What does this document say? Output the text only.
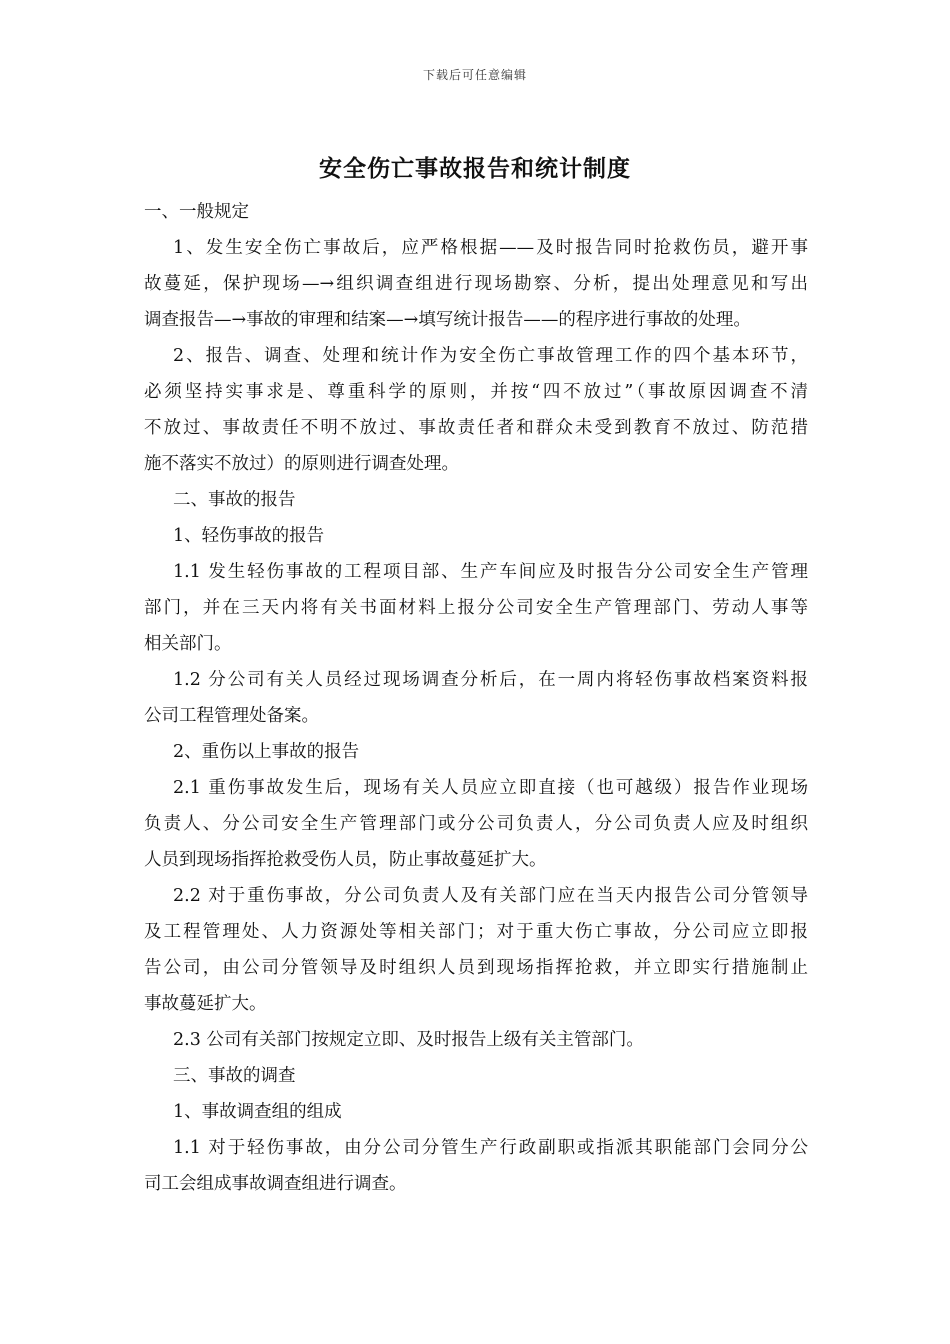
下载后可任意编辑
安全伤亡事故报告和统计制度
一、一般规定
1、发生安全伤亡事故后，应严格根据——及时报告同时抢救伤员，避开事
故蔓延，保护现场—→组织调查组进行现场勘察、分析，提出处理意见和写出
调查报告—→事故的审理和结案—→填写统计报告——的程序进行事故的处理。
2、报告、调查、处理和统计作为安全伤亡事故管理工作的四个基本环节，
必须坚持实事求是、尊重科学的原则，并按“四不放过”（事故原因调查不清
不放过、事故责任不明不放过、事故责任者和群众未受到教育不放过、防范措
施不落实不放过）的原则进行调查处理。
二、事故的报告
1、轻伤事故的报告
1.1 发生轻伤事故的工程项目部、生产车间应及时报告分公司安全生产管理
部门，并在三天内将有关书面材料上报分公司安全生产管理部门、劳动人事等
相关部门。
1.2 分公司有关人员经过现场调查分析后，在一周内将轻伤事故档案资料报
公司工程管理处备案。
2、重伤以上事故的报告
2.1 重伤事故发生后，现场有关人员应立即直接（也可越级）报告作业现场
负责人、分公司安全生产管理部门或分公司负责人，分公司负责人应及时组织
人员到现场指挥抢救受伤人员，防止事故蔓延扩大。
2.2 对于重伤事故，分公司负责人及有关部门应在当天内报告公司分管领导
及工程管理处、人力资源处等相关部门；对于重大伤亡事故，分公司应立即报
告公司，由公司分管领导及时组织人员到现场指挥抢救，并立即实行措施制止
事故蔓延扩大。
2.3 公司有关部门按规定立即、及时报告上级有关主管部门。
三、事故的调查
1、事故调查组的组成
1.1 对于轻伤事故，由分公司分管生产行政副职或指派其职能部门会同分公
司工会组成事故调查组进行调查。
